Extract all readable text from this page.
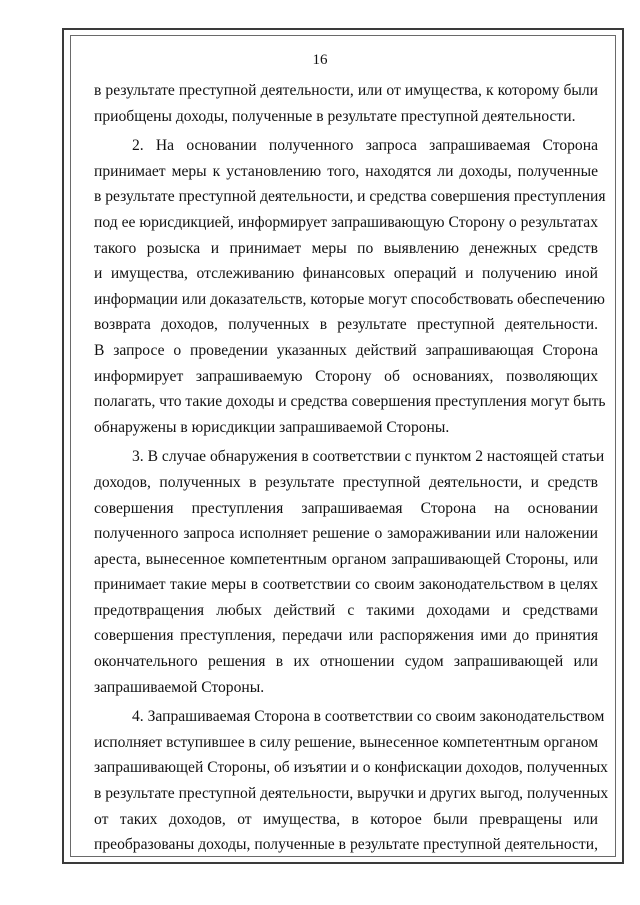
16
в результате преступной деятельности, или от имущества, к которому были
приобщены доходы, полученные в результате преступной деятельности.
2. На основании полученного запроса запрашиваемая Сторона
принимает меры к установлению того, находятся ли доходы, полученные
в результате преступной деятельности, и средства совершения преступления
под ее юрисдикцией, информирует запрашивающую Сторону о результатах
такого розыска и принимает меры по выявлению денежных средств
и имущества, отслеживанию финансовых операций и получению иной
информации или доказательств, которые могут способствовать обеспечению
возврата доходов, полученных в результате преступной деятельности.
В запросе о проведении указанных действий запрашивающая Сторона
информирует запрашиваемую Сторону об основаниях, позволяющих
полагать, что такие доходы и средства совершения преступления могут быть
обнаружены в юрисдикции запрашиваемой Стороны.
3. В случае обнаружения в соответствии с пунктом 2 настоящей статьи
доходов, полученных в результате преступной деятельности, и средств
совершения преступления запрашиваемая Сторона на основании
полученного запроса исполняет решение о замораживании или наложении
ареста, вынесенное компетентным органом запрашивающей Стороны, или
принимает такие меры в соответствии со своим законодательством в целях
предотвращения любых действий с такими доходами и средствами
совершения преступления, передачи или распоряжения ими до принятия
окончательного решения в их отношении судом запрашивающей или
запрашиваемой Стороны.
4. Запрашиваемая Сторона в соответствии со своим законодательством
исполняет вступившее в силу решение, вынесенное компетентным органом
запрашивающей Стороны, об изъятии и о конфискации доходов, полученных
в результате преступной деятельности, выручки и других выгод, полученных
от таких доходов, от имущества, в которое были превращены или
преобразованы доходы, полученные в результате преступной деятельности,
